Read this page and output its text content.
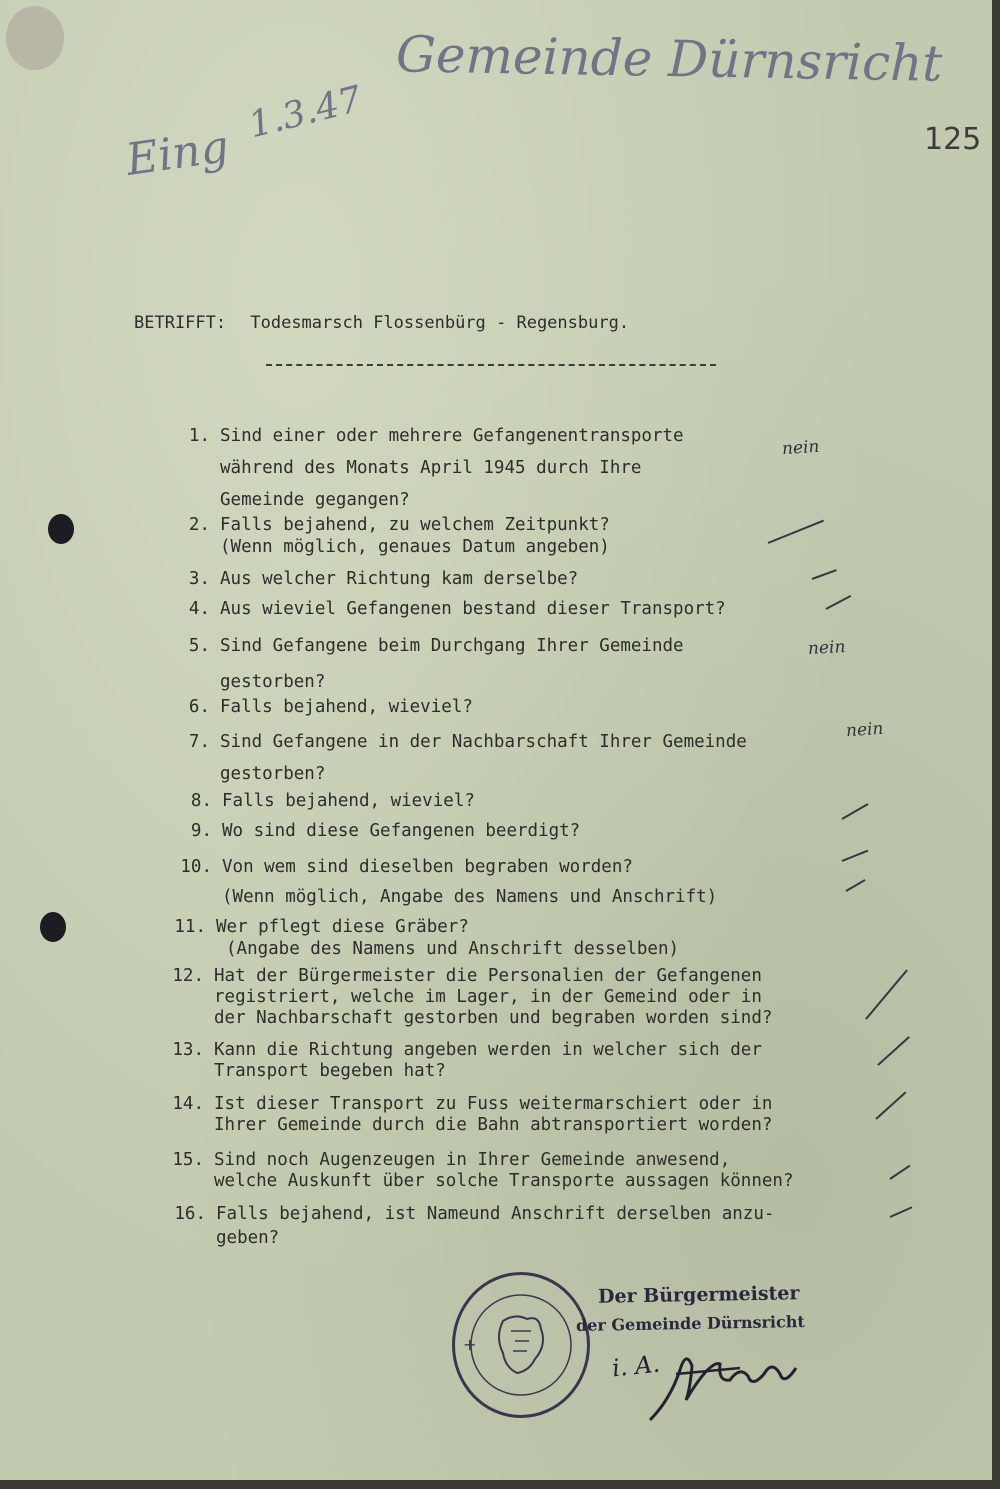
Gemeinde Dürnsricht
Eing
1.3.47	125
BETRIFFT: Todesmarsch Flossenbürg - Regensburg.
1. Sind einer oder mehrere Gefangenentransporte
während des Monats April 1945 durch Ihre
Gemeinde gegangen?
nein
2. Falls bejahend, zu welchem Zeitpunkt?
(Wenn möglich, genaues Datum angeben)
3. Aus welcher Richtung kam derselbe?
4. Aus wieviel Gefangenen bestand dieser Transport?
5. Sind Gefangene beim Durchgang Ihrer Gemeinde
gestorben?
nein
6. Falls bejahend, wieviel?
7. Sind Gefangene in der Nachbarschaft Ihrer Gemeinde
gestorben?
nein
8. Falls bejahend, wieviel?
9. Wo sind diese Gefangenen beerdigt?
10. Von wem sind dieselben begraben worden?
(Wenn möglich, Angabe des Namens und Anschrift)
11. Wer pflegt diese Gräber?
(Angabe des Namens und Anschrift desselben)
12. Hat der Bürgermeister die Personalien der Gefangenen
registriert, welche im Lager, in der Gemeind oder in
der Nachbarschaft gestorben und begraben worden sind?
13. Kann die Richtung angeben werden in welcher sich der
Transport begeben hat?
14. Ist dieser Transport zu Fuss weitermarschiert oder in
Ihrer Gemeinde durch die Bahn abtransportiert worden?
15. Sind noch Augenzeugen in Ihrer Gemeinde anwesend,
welche Auskunft über solche Transporte aussagen können?
16. Falls bejahend, ist Nameund Anschrift derselben anzu-
geben?
+
Der Bürgermeister
der Gemeinde Dürnsricht
i. A.
